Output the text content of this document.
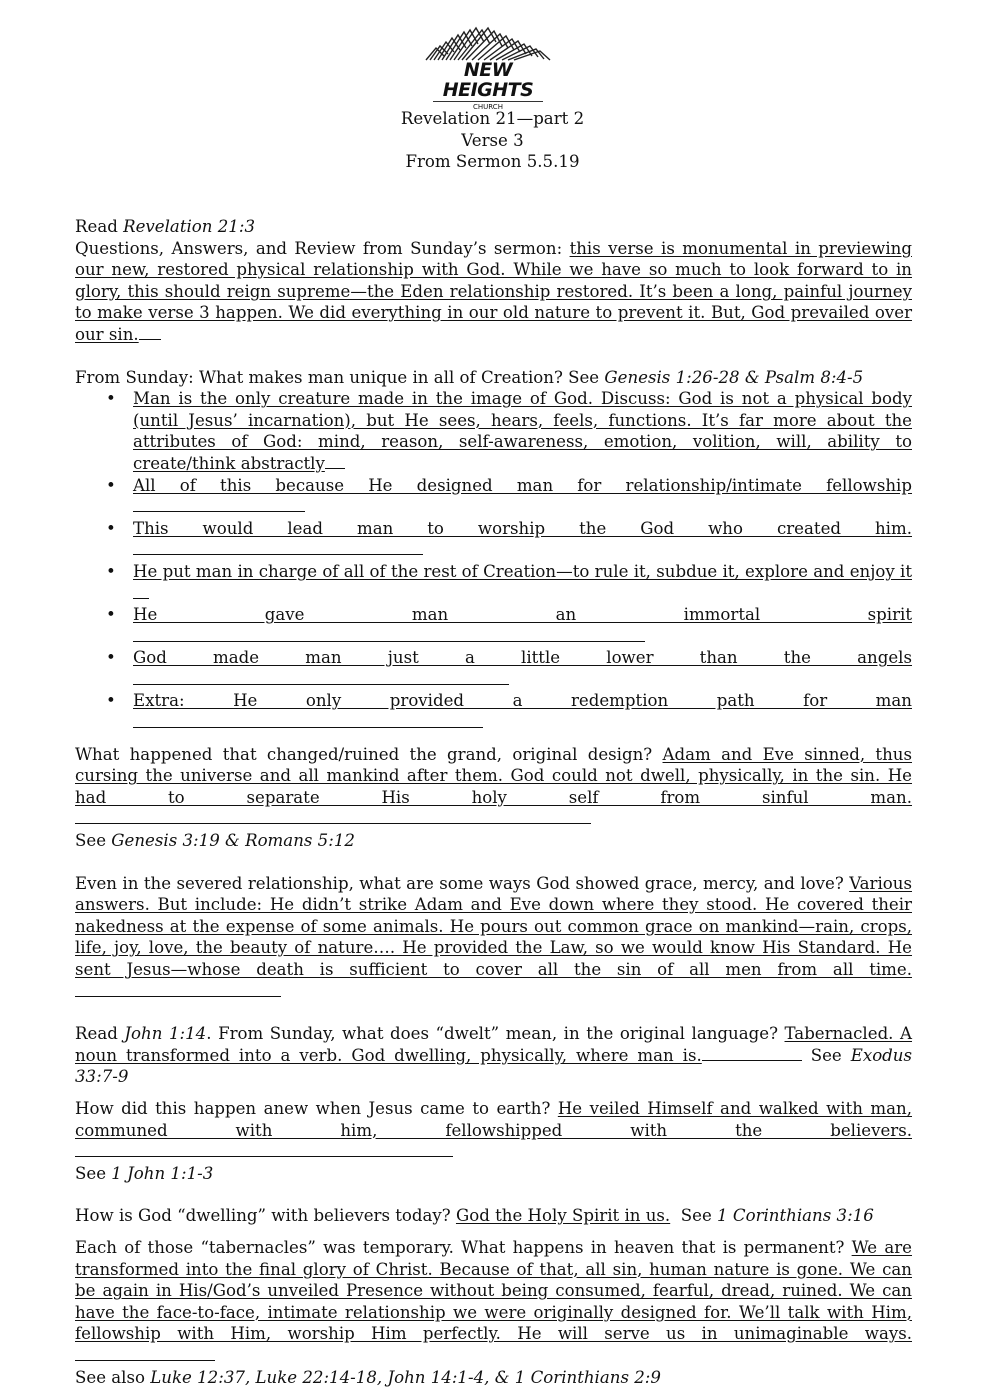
NEW HEIGHTS
CHURCH
Revelation 21—part 2
Verse 3
From Sermon 5.5.19

Read Revelation 21:3
Questions, Answers, and Review from Sunday’s sermon: this verse is monumental in previewing our new, restored physical relationship with God. While we have so much to look forward to in glory, this should reign supreme—the Eden relationship restored. It’s been a long, painful journey to make verse 3 happen. We did everything in our old nature to prevent it. But, God prevailed over our sin.

From Sunday: What makes man unique in all of Creation? See Genesis 1:26-28 & Psalm 8:4-5

• Man is the only creature made in the image of God. Discuss: God is not a physical body (until Jesus’ incarnation), but He sees, hears, feels, functions. It’s far more about the attributes of God: mind, reason, self-awareness, emotion, volition, will, ability to create/think abstractly
• All of this because He designed man for relationship/intimate fellowship
• This would lead man to worship the God who created him.
• He put man in charge of all of the rest of Creation—to rule it, subdue it, explore and enjoy it
• He gave man an immortal spirit
• God made man just a little lower than the angels
• Extra: He only provided a redemption path for man

What happened that changed/ruined the grand, original design? Adam and Eve sinned, thus cursing the universe and all mankind after them. God could not dwell, physically, in the sin. He had to separate His holy self from sinful man.
See Genesis 3:19 & Romans 5:12

Even in the severed relationship, what are some ways God showed grace, mercy, and love? Various answers. But include: He didn’t strike Adam and Eve down where they stood. He covered their nakedness at the expense of some animals. He pours out common grace on mankind—rain, crops, life, joy, love, the beauty of nature…. He provided the Law, so we would know His Standard. He sent Jesus—whose death is sufficient to cover all the sin of all men from all time.

Read John 1:14. From Sunday, what does “dwelt” mean, in the original language? Tabernacled. A noun transformed into a verb. God dwelling, physically, where man is.	See Exodus 33:7-9

How did this happen anew when Jesus came to earth? He veiled Himself and walked with man, communed with him, fellowshipped with the believers.
See 1 John 1:1-3

How is God “dwelling” with believers today? God the Holy Spirit in us.  See 1 Corinthians 3:16

Each of those “tabernacles” was temporary. What happens in heaven that is permanent? We are transformed into the final glory of Christ. Because of that, all sin, human nature is gone. We can be again in His/God’s unveiled Presence without being consumed, fearful, dread, ruined. We can have the face-to-face, intimate relationship we were originally designed for. We’ll talk with Him, fellowship with Him, worship Him perfectly. He will serve us in unimaginable ways.
See also Luke 12:37, Luke 22:14-18, John 14:1-4, & 1 Corinthians 2:9
